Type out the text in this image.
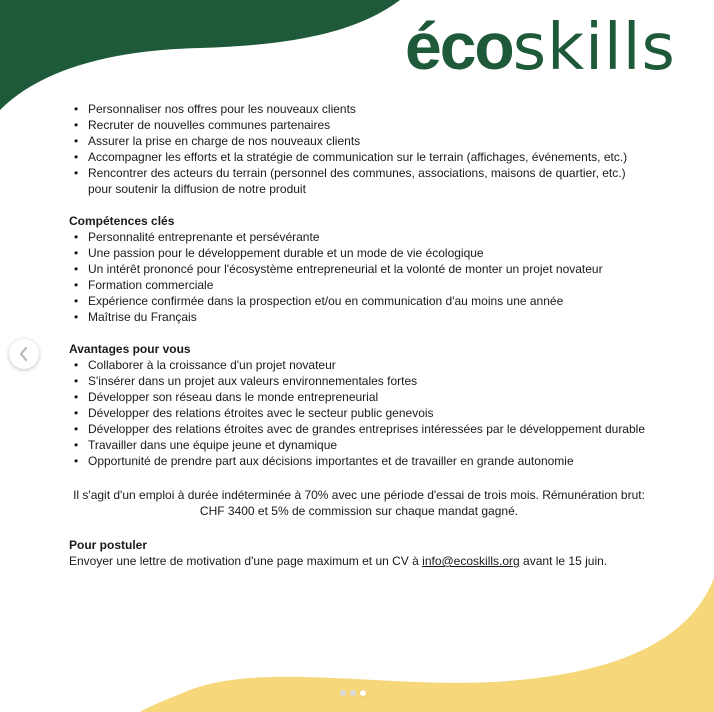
écoskills
• Personnaliser nos offres pour les nouveaux clients
• Recruter de nouvelles communes partenaires
• Assurer la prise en charge de nos nouveaux clients
• Accompagner les efforts et la stratégie de communication sur le terrain (affichages, événements, etc.)
• Rencontrer des acteurs du terrain (personnel des communes, associations, maisons de quartier, etc.) pour soutenir la diffusion de notre produit
Compétences clés
• Personnalité entreprenante et persévérante
• Une passion pour le développement durable et un mode de vie écologique
• Un intérêt prononcé pour l'écosystème entrepreneurial et la volonté de monter un projet novateur
• Formation commerciale
• Expérience confirmée dans la prospection et/ou en communication d'au moins une année
• Maîtrise du Français
Avantages pour vous
• Collaborer à la croissance d'un projet novateur
• S'insérer dans un projet aux valeurs environnementales fortes
• Développer son réseau dans le monde entrepreneurial
• Développer des relations étroites avec le secteur public genevois
• Développer des relations étroites avec de grandes entreprises intéressées par le développement durable
• Travailler dans une équipe jeune et dynamique
• Opportunité de prendre part aux décisions importantes et de travailler en grande autonomie
Il s'agit d'un emploi à durée indéterminée à 70% avec une période d'essai de trois mois. Rémunération brut: CHF 3400 et 5% de commission sur chaque mandat gagné.
Pour postuler
Envoyer une lettre de motivation d'une page maximum et un CV à info@ecoskills.org avant le 15 juin.
